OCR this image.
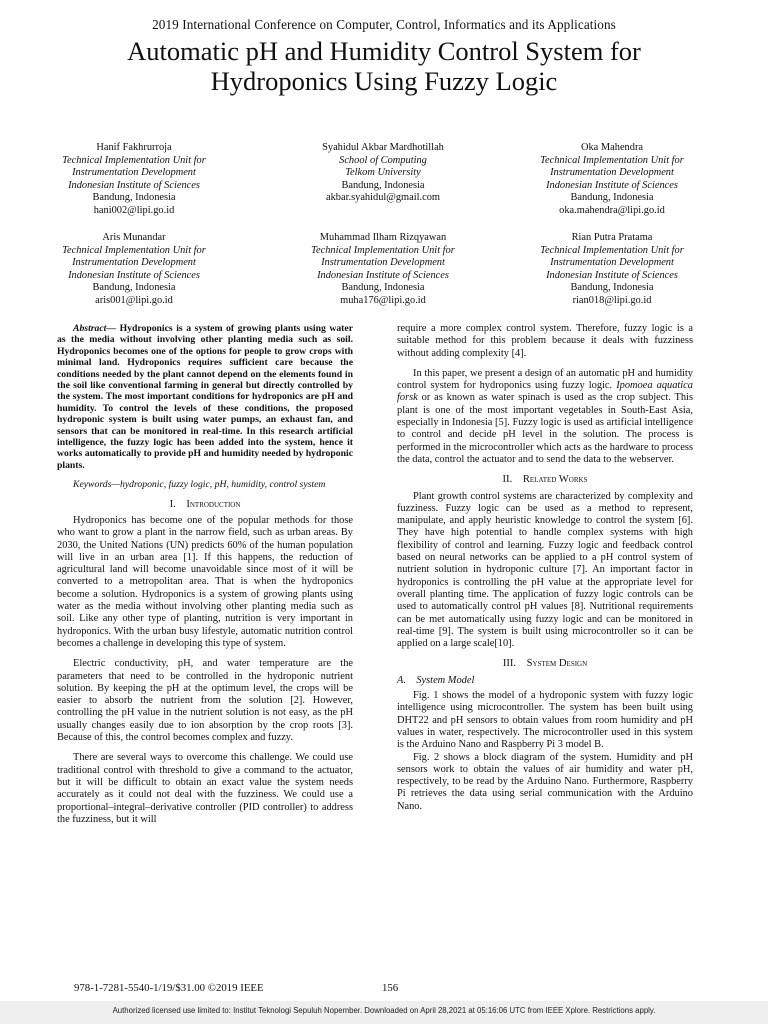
2019 International Conference on Computer, Control, Informatics and its Applications
Automatic pH and Humidity Control System for
Hydroponics Using Fuzzy Logic
Hanif Fakhrurroja
Technical Implementation Unit for
Instrumentation Development
Indonesian Institute of Sciences
Bandung, Indonesia
hani002@lipi.go.id
Syahidul Akbar Mardhotillah
School of Computing
Telkom University
Bandung, Indonesia
akbar.syahidul@gmail.com
Oka Mahendra
Technical Implementation Unit for
Instrumentation Development
Indonesian Institute of Sciences
Bandung, Indonesia
oka.mahendra@lipi.go.id
Aris Munandar
Technical Implementation Unit for
Instrumentation Development
Indonesian Institute of Sciences
Bandung, Indonesia
aris001@lipi.go.id
Muhammad Ilham Rizqyawan
Technical Implementation Unit for
Instrumentation Development
Indonesian Institute of Sciences
Bandung, Indonesia
muha176@lipi.go.id
Rian Putra Pratama
Technical Implementation Unit for
Instrumentation Development
Indonesian Institute of Sciences
Bandung, Indonesia
rian018@lipi.go.id

Abstract— Hydroponics is a system of growing plants using water as the media without involving other planting media such as soil. Hydroponics becomes one of the options for people to grow crops with minimal land. Hydroponics requires sufficient care because the conditions needed by the plant cannot depend on the elements found in the soil like conventional farming in general but directly controlled by the system. The most important conditions for hydroponics are pH and humidity. To control the levels of these conditions, the proposed hydroponic system is built using water pumps, an exhaust fan, and sensors that can be monitored in real-time. In this research artificial intelligence, the fuzzy logic has been added into the system, hence it works automatically to provide pH and humidity needed by hydroponic plants.

Keywords—hydroponic, fuzzy logic, pH, humidity, control system

I. Introduction

Hydroponics has become one of the popular methods for those who want to grow a plant in the narrow field, such as urban areas. By 2030, the United Nations (UN) predicts 60% of the human population will live in an urban area [1]. If this happens, the reduction of agricultural land will become unavoidable since most of it will be converted to a metropolitan area. That is when the hydroponics become a solution. Hydroponics is a system of growing plants using water as the media without involving other planting media such as soil. Like any other type of planting, nutrition is very important in hydroponics. With the urban busy lifestyle, automatic nutrition control becomes a challenge in developing this type of system.

Electric conductivity, pH, and water temperature are the parameters that need to be controlled in the hydroponic nutrient solution. By keeping the pH at the optimum level, the crops will be easier to absorb the nutrient from the solution [2]. However, controlling the pH value in the nutrient solution is not easy, as the pH usually changes easily due to ion absorption by the crop roots [3]. Because of this, the control becomes complex and fuzzy.

There are several ways to overcome this challenge. We could use traditional control with threshold to give a command to the actuator, but it will be difficult to obtain an exact value the system needs accurately as it could not deal with the fuzziness. We could use a proportional–integral–derivative controller (PID controller) to address the fuzziness, but it will

require a more complex control system. Therefore, fuzzy logic is a suitable method for this problem because it deals with fuzziness without adding complexity [4].

In this paper, we present a design of an automatic pH and humidity control system for hydroponics using fuzzy logic. Ipomoea aquatica forsk or as known as water spinach is used as the crop subject. This plant is one of the most important vegetables in South-East Asia, especially in Indonesia [5]. Fuzzy logic is used as artificial intelligence to control and decide pH level in the solution. The process is performed in the microcontroller which acts as the hardware to process the data, control the actuator and to send the data to the webserver.

II. Related Works

Plant growth control systems are characterized by complexity and fuzziness. Fuzzy logic can be used as a method to represent, manipulate, and apply heuristic knowledge to control the system [6]. They have high potential to handle complex systems with high flexibility of control and learning. Fuzzy logic and feedback control based on neural networks can be applied to a pH control system of nutrient solution in hydroponic culture [7]. An important factor in hydroponics is controlling the pH value at the appropriate level for overall planting time. The application of fuzzy logic controls can be used to automatically control pH values [8]. Nutritional requirements can be met automatically using fuzzy logic and can be monitored in real-time [9]. The system is built using microcontroller so it can be applied on a large scale[10].

III. System Design

A. System Model

Fig. 1 shows the model of a hydroponic system with fuzzy logic intelligence using microcontroller. The system has been built using DHT22 and pH sensors to obtain values from room humidity and pH values in water, respectively. The microcontroller used in this system is the Arduino Nano and Raspberry Pi 3 model B.

Fig. 2 shows a block diagram of the system. Humidity and pH sensors work to obtain the values of air humidity and water pH, respectively, to be read by the Arduino Nano. Furthermore, Raspberry Pi retrieves the data using serial communication with the Arduino Nano.

978-1-7281-5540-1/19/$31.00 ©2019 IEEE	156
Authorized licensed use limited to: Institut Teknologi Sepuluh Nopember. Downloaded on April 28,2021 at 05:16:06 UTC from IEEE Xplore. Restrictions apply.
